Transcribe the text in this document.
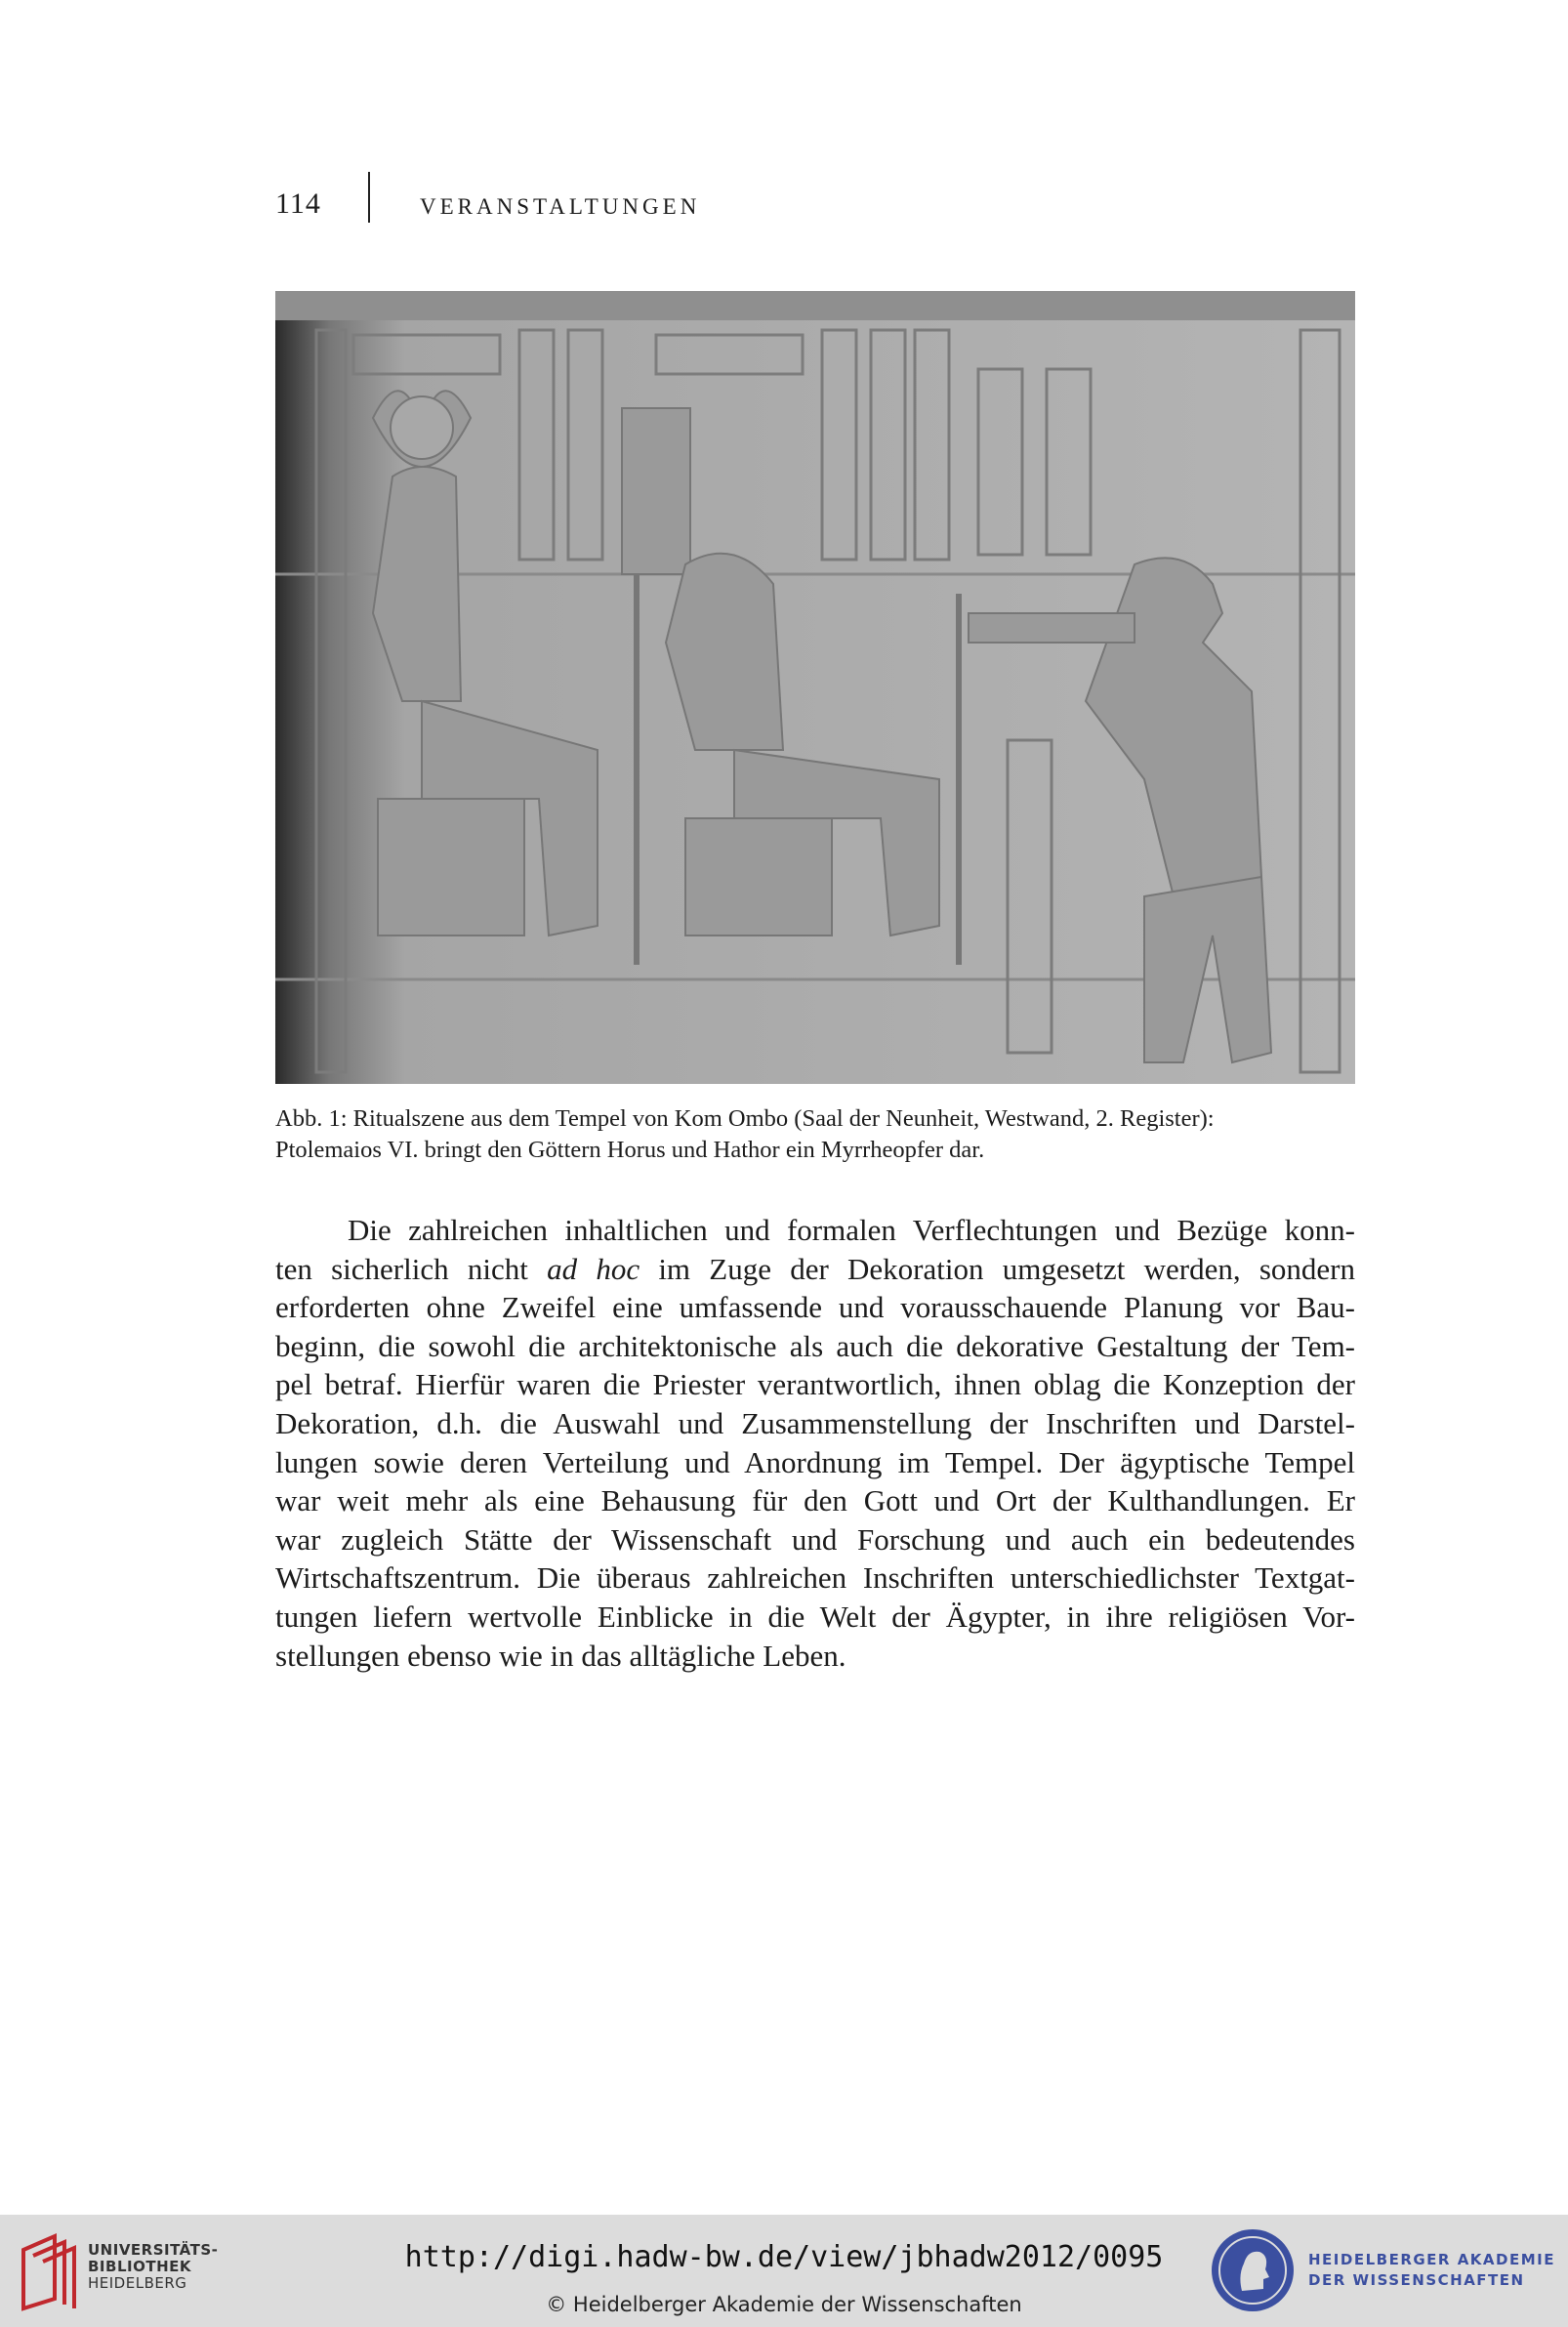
114	VERANSTALTUNGEN
Abb. 1: Ritualszene aus dem Tempel von Kom Ombo (Saal der Neunheit, Westwand, 2. Register):
Ptolemaios VI. bringt den Göttern Horus und Hathor ein Myrrheopfer dar.
Die zahlreichen inhaltlichen und formalen Verflechtungen und Bezüge konn-
ten sicherlich nicht ad hoc im Zuge der Dekoration umgesetzt werden, sondern
erforderten ohne Zweifel eine umfassende und vorausschauende Planung vor Bau-
beginn, die sowohl die architektonische als auch die dekorative Gestaltung der Tem-
pel betraf. Hierfür waren die Priester verantwortlich, ihnen oblag die Konzeption der
Dekoration, d.h. die Auswahl und Zusammenstellung der Inschriften und Darstel-
lungen sowie deren Verteilung und Anordnung im Tempel. Der ägyptische Tempel
war weit mehr als eine Behausung für den Gott und Ort der Kulthandlungen. Er
war zugleich Stätte der Wissenschaft und Forschung und auch ein bedeutendes
Wirtschaftszentrum. Die überaus zahlreichen Inschriften unterschiedlichster Textgat-
tungen liefern wertvolle Einblicke in die Welt der Ägypter, in ihre religiösen Vor-
stellungen ebenso wie in das alltägliche Leben.
UNIVERSITÄTS-
BIBLIOTHEK
HEIDELBERG
http://digi.hadw-bw.de/view/jbhadw2012/0095
© Heidelberger Akademie der Wissenschaften
HEIDELBERGER AKADEMIE
DER WISSENSCHAFTEN
